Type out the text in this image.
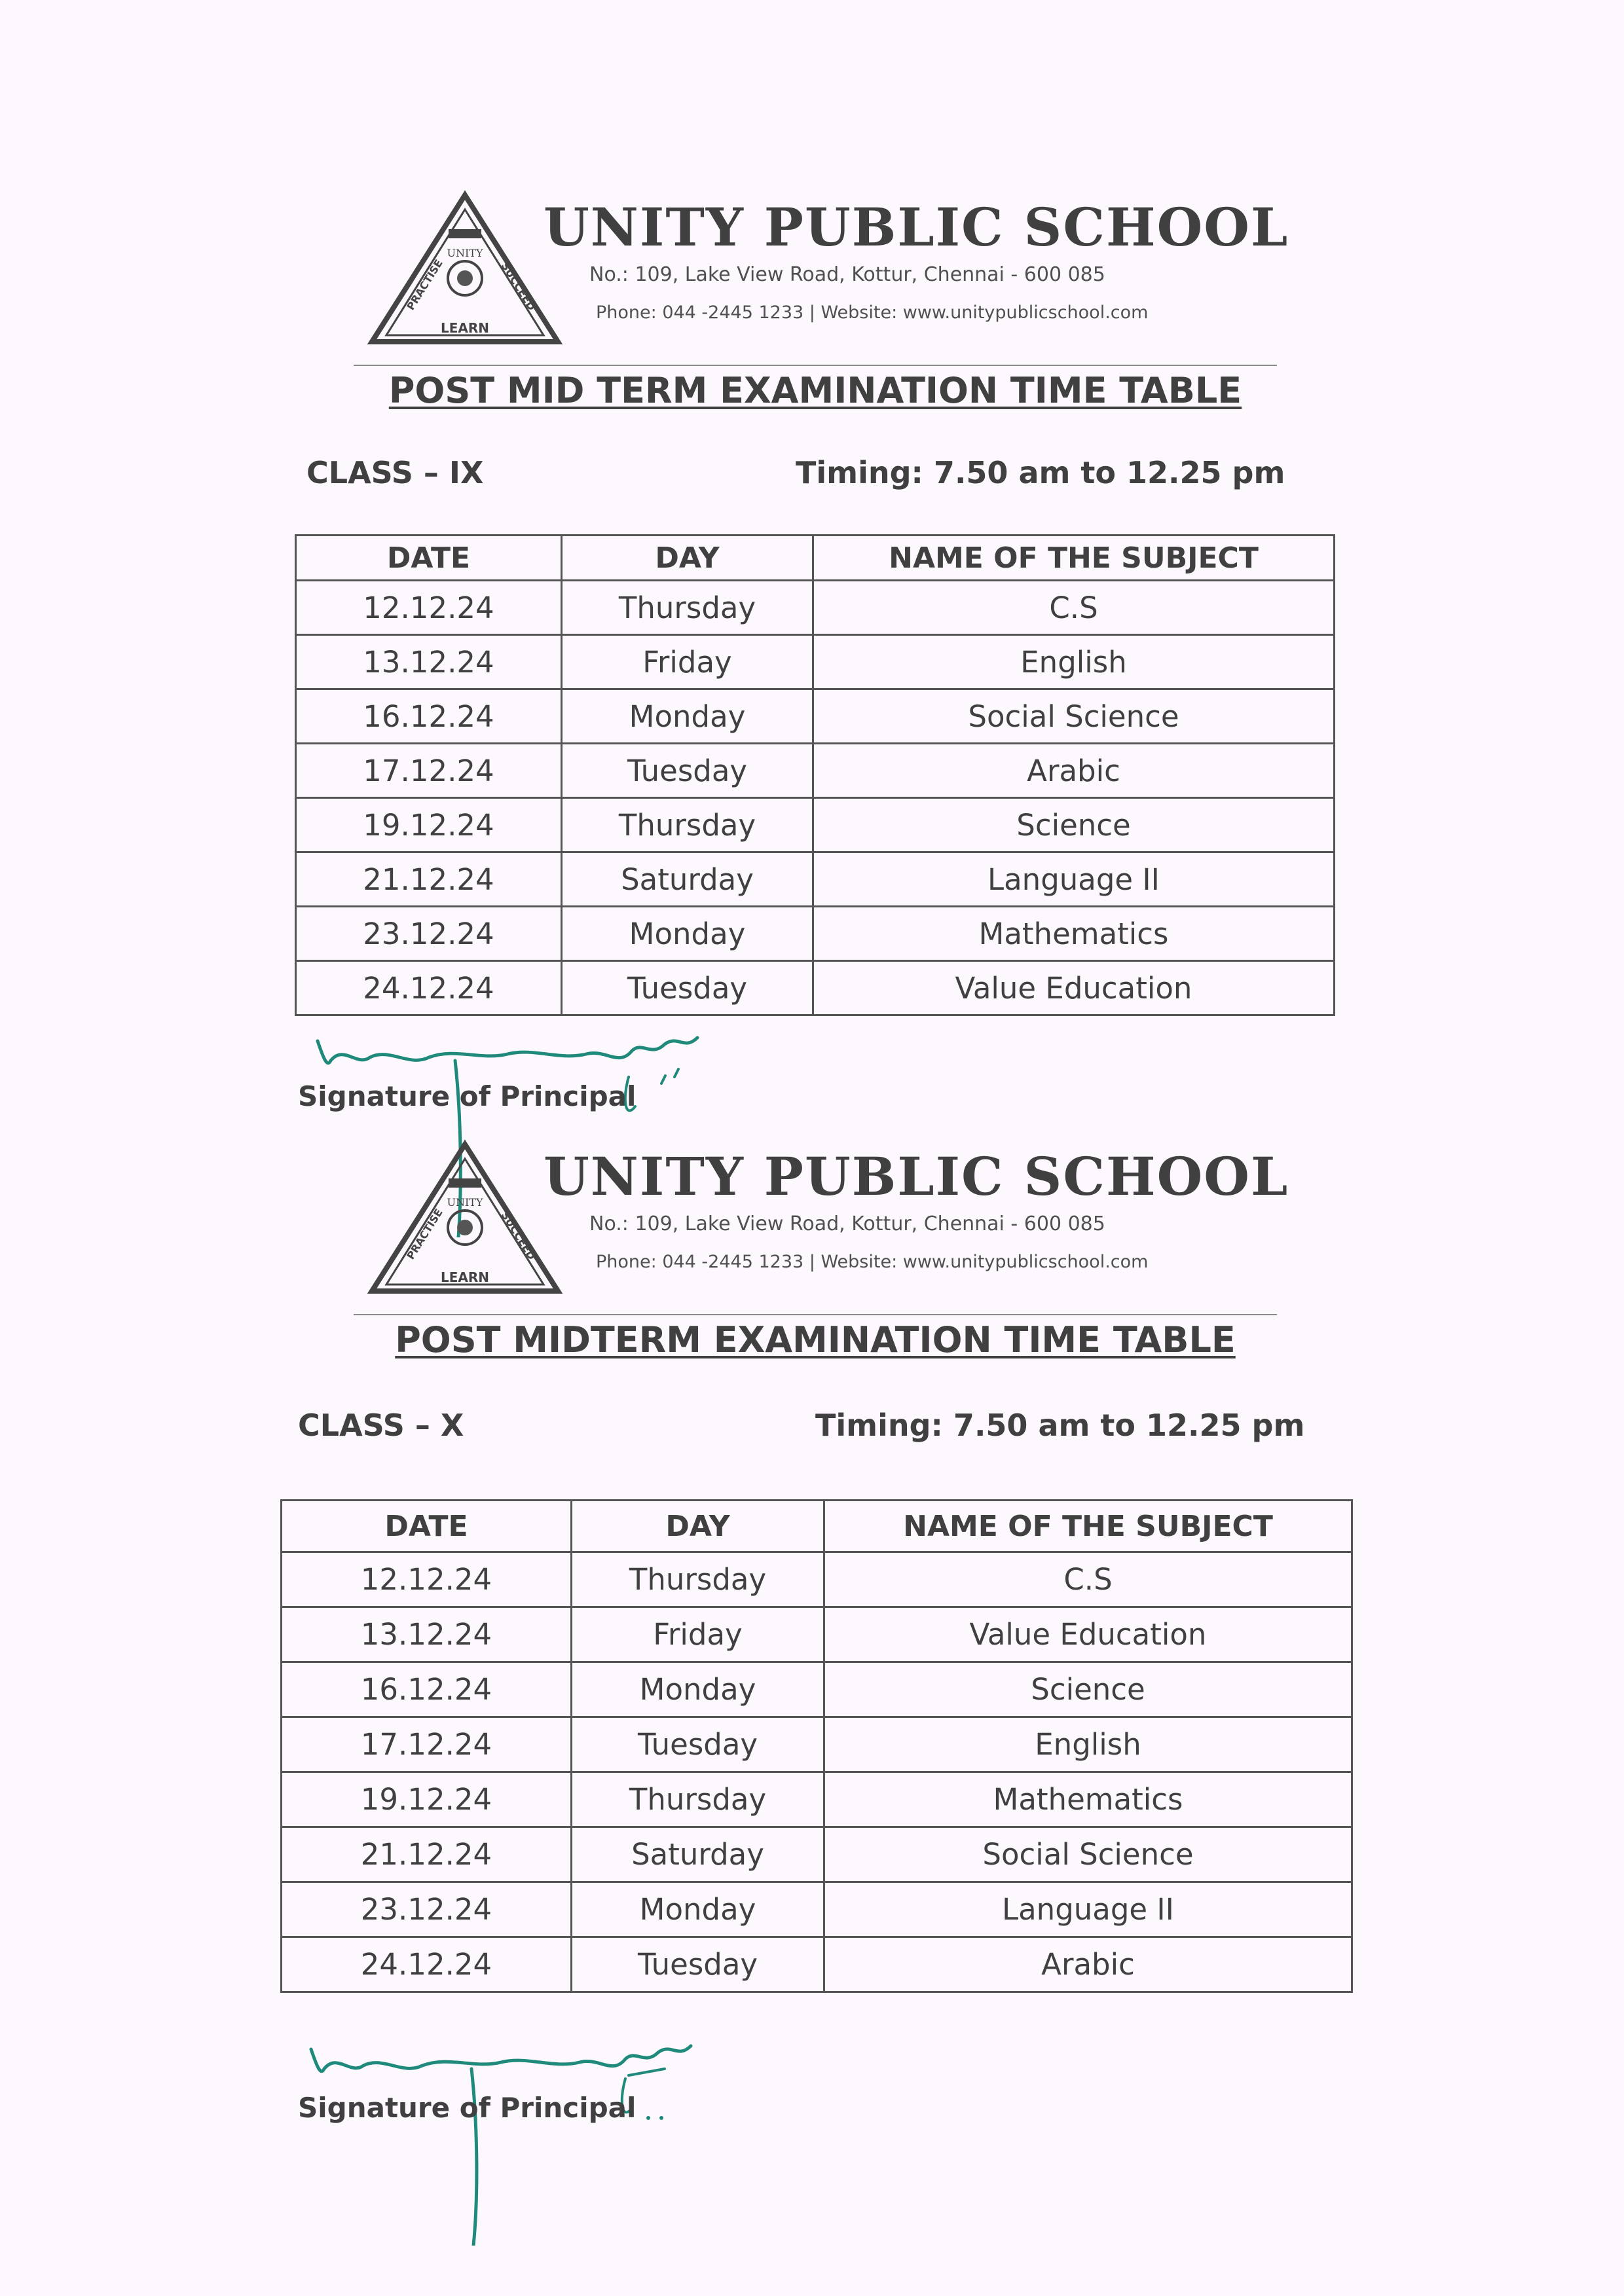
UNITY
LEARN
PRACTISE	SUCCEED
UNITY PUBLIC SCHOOL
No.: 109, Lake View Road, Kottur, Chennai - 600 085
Phone: 044 -2445 1233 | Website: www.unitypublicschool.com
POST MID TERM EXAMINATION TIME TABLE
CLASS – IX	Timing: 7.50 am to 12.25 pm
DATE	DAY	NAME OF THE SUBJECT
12.12.24	Thursday	C.S
13.12.24	Friday	English
16.12.24	Monday	Social Science
17.12.24	Tuesday	Arabic
19.12.24	Thursday	Science
21.12.24	Saturday	Language II
23.12.24	Monday	Mathematics
24.12.24	Tuesday	Value Education
Signature of Principal
UNITY
LEARN
PRACTISE	SUCCEED
UNITY PUBLIC SCHOOL
No.: 109, Lake View Road, Kottur, Chennai - 600 085
Phone: 044 -2445 1233 | Website: www.unitypublicschool.com
POST MIDTERM EXAMINATION TIME TABLE
CLASS – X	Timing: 7.50 am to 12.25 pm
DATE	DAY	NAME OF THE SUBJECT
12.12.24	Thursday	C.S
13.12.24	Friday	Value Education
16.12.24	Monday	Science
17.12.24	Tuesday	English
19.12.24	Thursday	Mathematics
21.12.24	Saturday	Social Science
23.12.24	Monday	Language II
24.12.24	Tuesday	Arabic
Signature of Principal
